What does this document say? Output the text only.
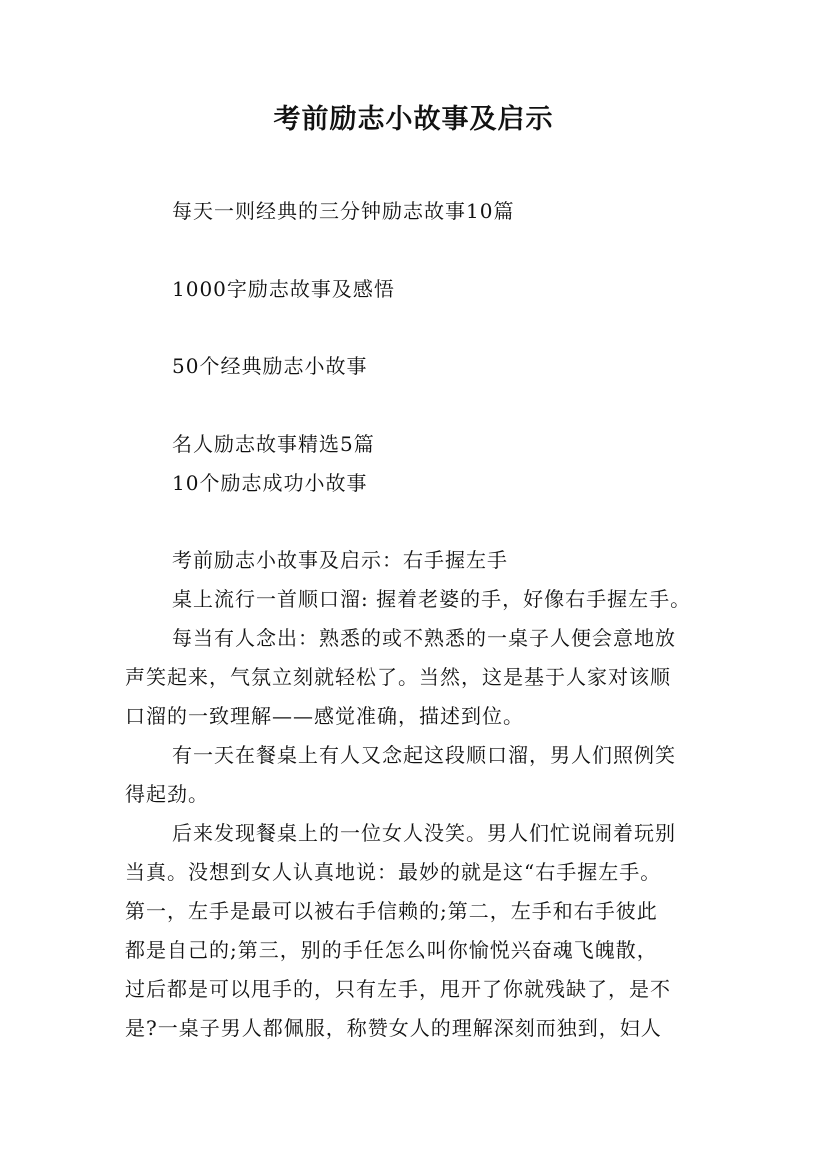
考前励志小故事及启示
每天一则经典的三分钟励志故事10篇
1000字励志故事及感悟
50个经典励志小故事
名人励志故事精选5篇
10个励志成功小故事
考前励志小故事及启示：右手握左手
桌上流行一首顺口溜: 握着老婆的手，好像右手握左手。
每当有人念出：熟悉的或不熟悉的一桌子人便会意地放
声笑起来，气氛立刻就轻松了。当然，这是基于人家对该顺
口溜的一致理解——感觉准确，描述到位。
有一天在餐桌上有人又念起这段顺口溜，男人们照例笑
得起劲。
后来发现餐桌上的一位女人没笑。男人们忙说闹着玩别
当真。没想到女人认真地说：最妙的就是这“右手握左手。
第一，左手是最可以被右手信赖的;第二，左手和右手彼此
都是自己的;第三，别的手任怎么叫你愉悦兴奋魂飞魄散，
过后都是可以甩手的，只有左手，甩开了你就残缺了，是不
是?一桌子男人都佩服，称赞女人的理解深刻而独到，妇人
